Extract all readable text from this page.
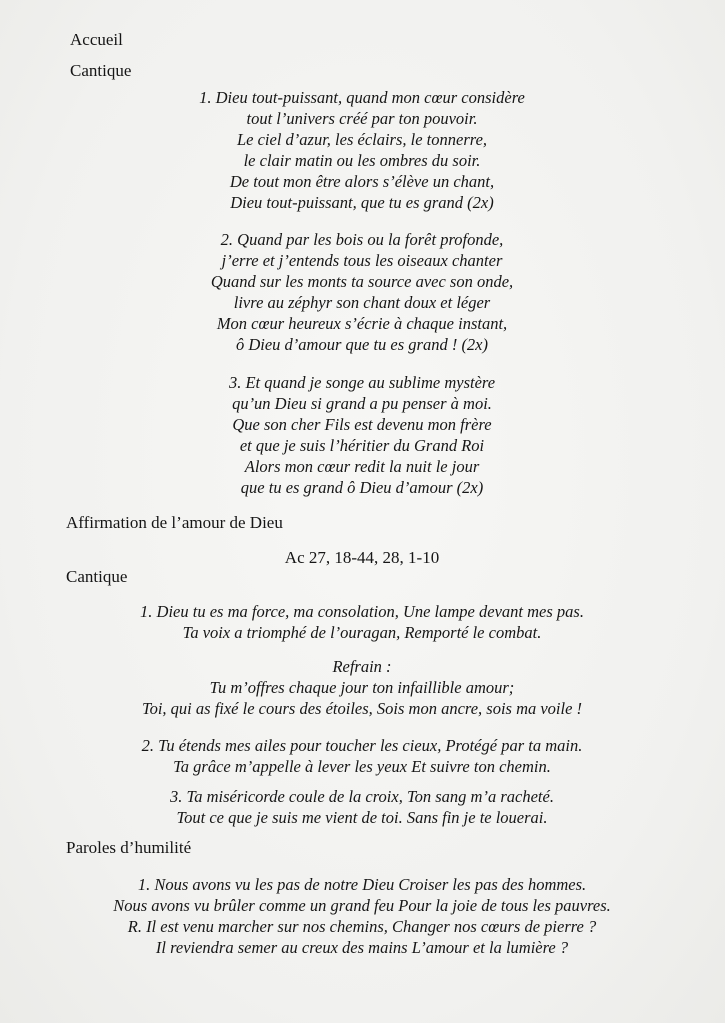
Accueil
Cantique
1. Dieu tout-puissant, quand mon cœur considère
tout l’univers créé par ton pouvoir.
Le ciel d’azur, les éclairs, le tonnerre,
le clair matin ou les ombres du soir.
De tout mon être alors s’élève un chant,
Dieu tout-puissant, que tu es grand (2x)
2. Quand par les bois ou la forêt profonde,
j’erre et j’entends tous les oiseaux chanter
Quand sur les monts ta source avec son onde,
livre au zéphyr son chant doux et léger
Mon cœur heureux s’écrie à chaque instant,
ô Dieu d’amour que tu es grand ! (2x)
3. Et quand je songe au sublime mystère
qu’un Dieu si grand a pu penser à moi.
Que son cher Fils est devenu mon frère
et que je suis l’héritier du Grand Roi
Alors mon cœur redit la nuit le jour
que tu es grand ô Dieu d’amour (2x)
Affirmation de l’amour de Dieu
Ac 27, 18-44, 28, 1-10
Cantique
1. Dieu tu es ma force, ma consolation, Une lampe devant mes pas.
Ta voix a triomphé de l’ouragan, Remporté le combat.
Refrain :
Tu m’offres chaque jour ton infaillible amour;
Toi, qui as fixé le cours des étoiles, Sois mon ancre, sois ma voile !
2. Tu étends mes ailes pour toucher les cieux, Protégé par ta main.
Ta grâce m’appelle à lever les yeux Et suivre ton chemin.
3. Ta miséricorde coule de la croix, Ton sang m’a racheté.
Tout ce que je suis me vient de toi. Sans fin je te louerai.
Paroles d’humilité
1. Nous avons vu les pas de notre Dieu Croiser les pas des hommes.
Nous avons vu brûler comme un grand feu Pour la joie de tous les pauvres.
R. Il est venu marcher sur nos chemins, Changer nos cœurs de pierre ?
Il reviendra semer au creux des mains L’amour et la lumière ?
